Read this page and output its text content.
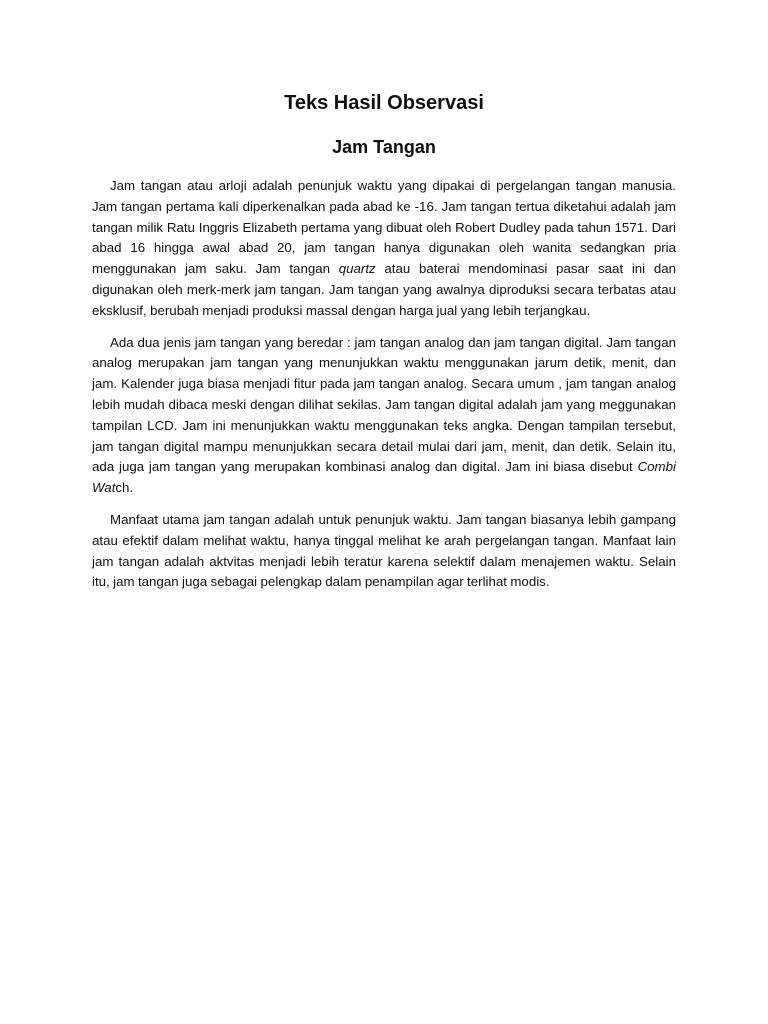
Teks Hasil Observasi
Jam Tangan

Jam tangan atau arloji adalah penunjuk waktu yang dipakai di pergelangan tangan manusia. Jam tangan pertama kali diperkenalkan pada abad ke -16. Jam tangan tertua diketahui adalah jam tangan milik Ratu Inggris Elizabeth pertama yang dibuat oleh Robert Dudley pada tahun 1571. Dari abad 16 hingga awal abad 20, jam tangan hanya digunakan oleh wanita sedangkan pria menggunakan jam saku. Jam tangan quartz atau baterai mendominasi pasar saat ini dan digunakan oleh merk-merk jam tangan. Jam tangan yang awalnya diproduksi secara terbatas atau eksklusif, berubah menjadi produksi massal dengan harga jual yang lebih terjangkau.

Ada dua jenis jam tangan yang beredar : jam tangan analog dan jam tangan digital. Jam tangan analog merupakan jam tangan yang menunjukkan waktu menggunakan jarum detik, menit, dan jam. Kalender juga biasa menjadi fitur pada jam tangan analog. Secara umum , jam tangan analog lebih mudah dibaca meski dengan dilihat sekilas. Jam tangan digital adalah jam yang meggunakan tampilan LCD. Jam ini menunjukkan waktu menggunakan teks angka. Dengan tampilan tersebut, jam tangan digital mampu menunjukkan secara detail mulai dari jam, menit, dan detik. Selain itu, ada juga jam tangan yang merupakan kombinasi analog dan digital. Jam ini biasa disebut Combi Watch.

Manfaat utama jam tangan adalah untuk penunjuk waktu. Jam tangan biasanya lebih gampang atau efektif dalam melihat waktu, hanya tinggal melihat ke arah pergelangan tangan. Manfaat lain jam tangan adalah aktvitas menjadi lebih teratur karena selektif dalam menajemen waktu. Selain itu, jam tangan juga sebagai pelengkap dalam penampilan agar terlihat modis.
